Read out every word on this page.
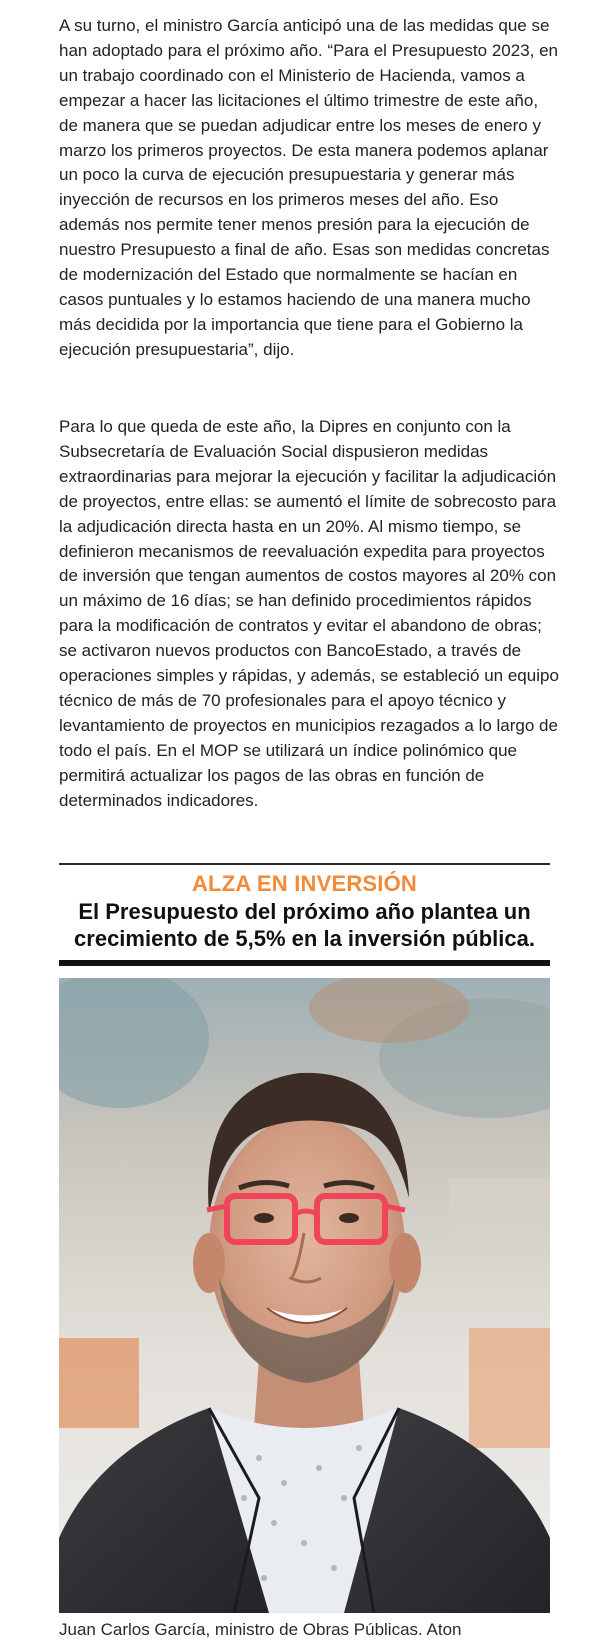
A su turno, el ministro García anticipó una de las medidas que se han adoptado para el próximo año. “Para el Presupuesto 2023, en un trabajo coordinado con el Ministerio de Hacienda, vamos a empezar a hacer las licitaciones el último trimestre de este año, de manera que se puedan adjudicar entre los meses de enero y marzo los primeros proyectos. De esta manera podemos aplanar un poco la curva de ejecución presupuestaria y generar más inyección de recursos en los primeros meses del año. Eso además nos permite tener menos presión para la ejecución de nuestro Presupuesto a final de año. Esas son medidas concretas de modernización del Estado que normalmente se hacían en casos puntuales y lo estamos haciendo de una manera mucho más decidida por la importancia que tiene para el Gobierno la ejecución presupuestaria”, dijo.

Para lo que queda de este año, la Dipres en conjunto con la Subsecretaría de Evaluación Social dispusieron medidas extraordinarias para mejorar la ejecución y facilitar la adjudicación de proyectos, entre ellas: se aumentó el límite de sobrecosto para la adjudicación directa hasta en un 20%. Al mismo tiempo, se definieron mecanismos de reevaluación expedita para proyectos de inversión que tengan aumentos de costos mayores al 20% con un máximo de 16 días; se han definido procedimientos rápidos para la modificación de contratos y evitar el abandono de obras; se activaron nuevos productos con BancoEstado, a través de operaciones simples y rápidas, y además, se estableció un equipo técnico de más de 70 profesionales para el apoyo técnico y levantamiento de proyectos en municipios rezagados a lo largo de todo el país. En el MOP se utilizará un índice polinómico que permitirá actualizar los pagos de las obras en función de determinados indicadores.

ALZA EN INVERSIÓN
El Presupuesto del próximo año plantea un crecimiento de 5,5% en la inversión pública.

Juan Carlos García, ministro de Obras Públicas. Aton
